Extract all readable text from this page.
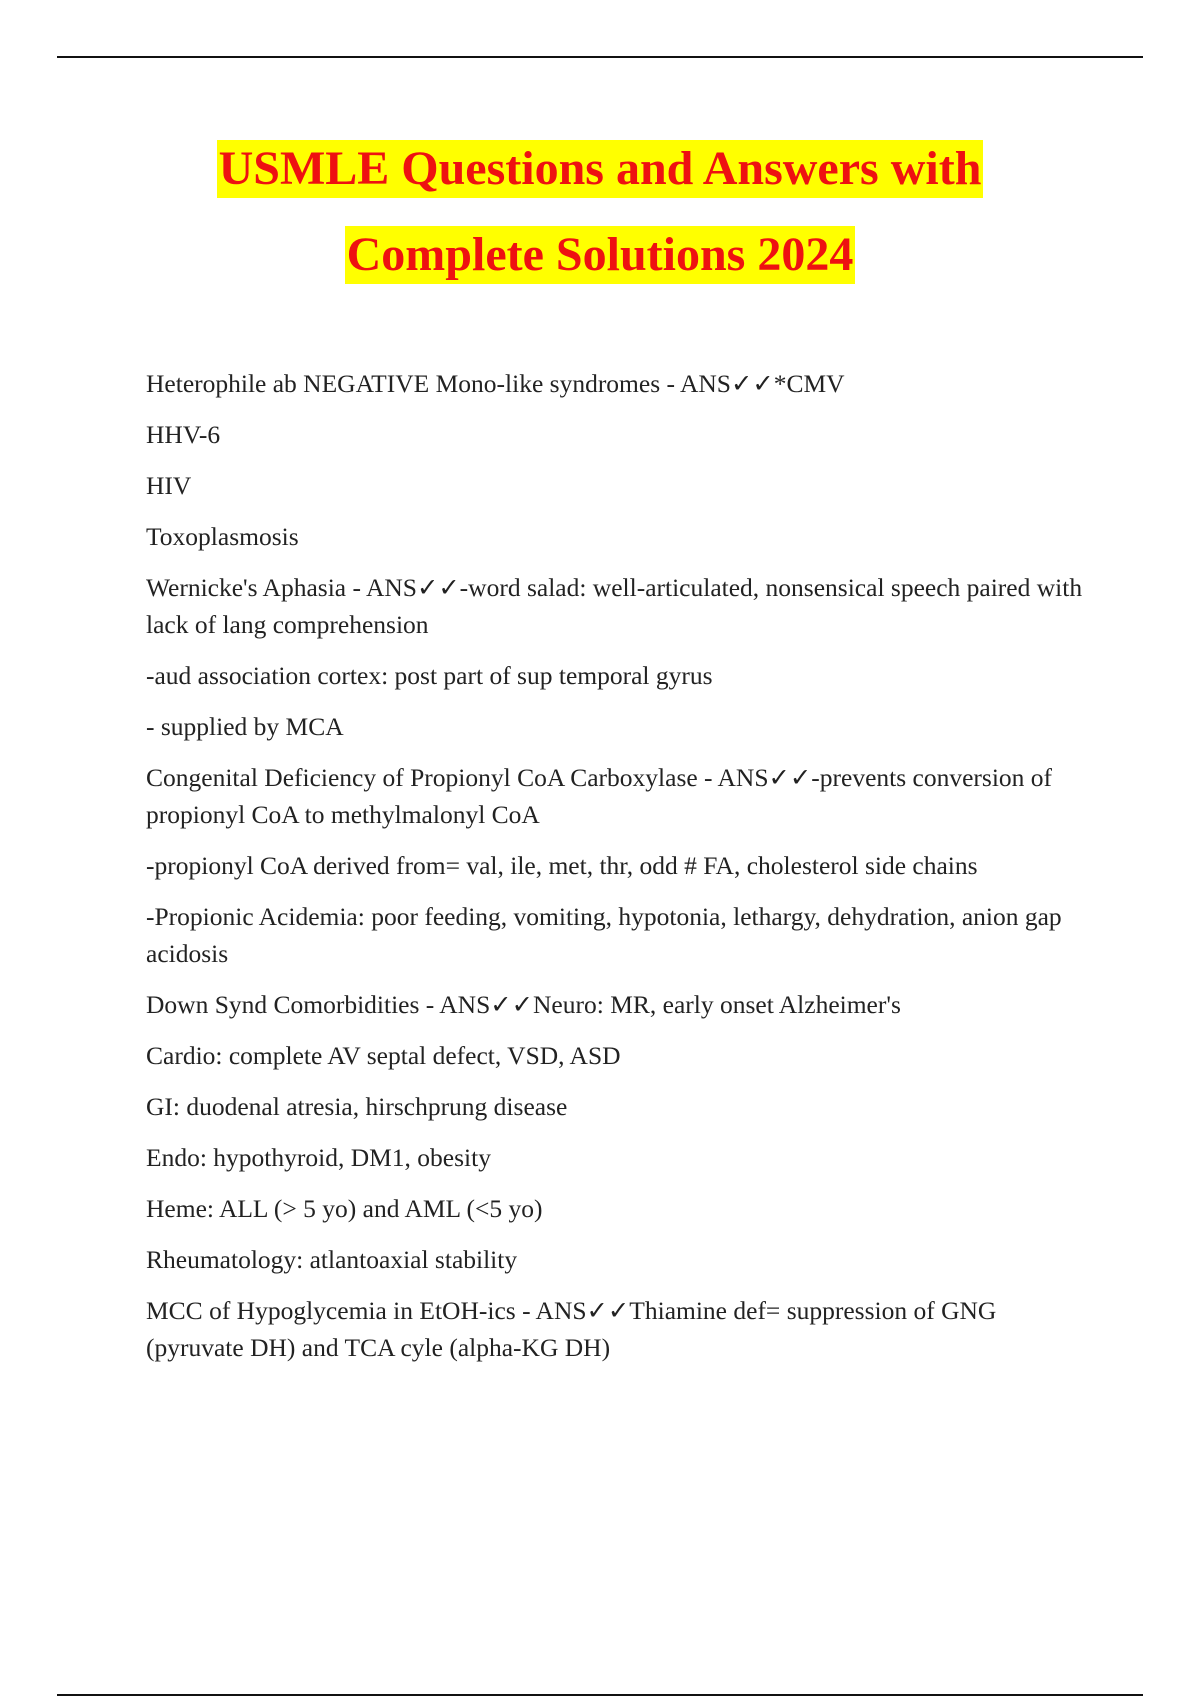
USMLE Questions and Answers with
Complete Solutions 2024

Heterophile ab NEGATIVE Mono-like syndromes - ANS✓✓*CMV

HHV-6

HIV

Toxoplasmosis

Wernicke's Aphasia - ANS✓✓-word salad: well-articulated, nonsensical speech paired with lack of lang comprehension

-aud association cortex: post part of sup temporal gyrus

- supplied by MCA

Congenital Deficiency of Propionyl CoA Carboxylase - ANS✓✓-prevents conversion of propionyl CoA to methylmalonyl CoA

-propionyl CoA derived from= val, ile, met, thr, odd # FA, cholesterol side chains

-Propionic Acidemia: poor feeding, vomiting, hypotonia, lethargy, dehydration, anion gap acidosis

Down Synd Comorbidities - ANS✓✓Neuro: MR, early onset Alzheimer's

Cardio: complete AV septal defect, VSD, ASD

GI: duodenal atresia, hirschprung disease

Endo: hypothyroid, DM1, obesity

Heme: ALL (> 5 yo) and AML (<5 yo)

Rheumatology: atlantoaxial stability

MCC of Hypoglycemia in EtOH-ics - ANS✓✓Thiamine def= suppression of GNG (pyruvate DH) and TCA cyle (alpha-KG DH)
